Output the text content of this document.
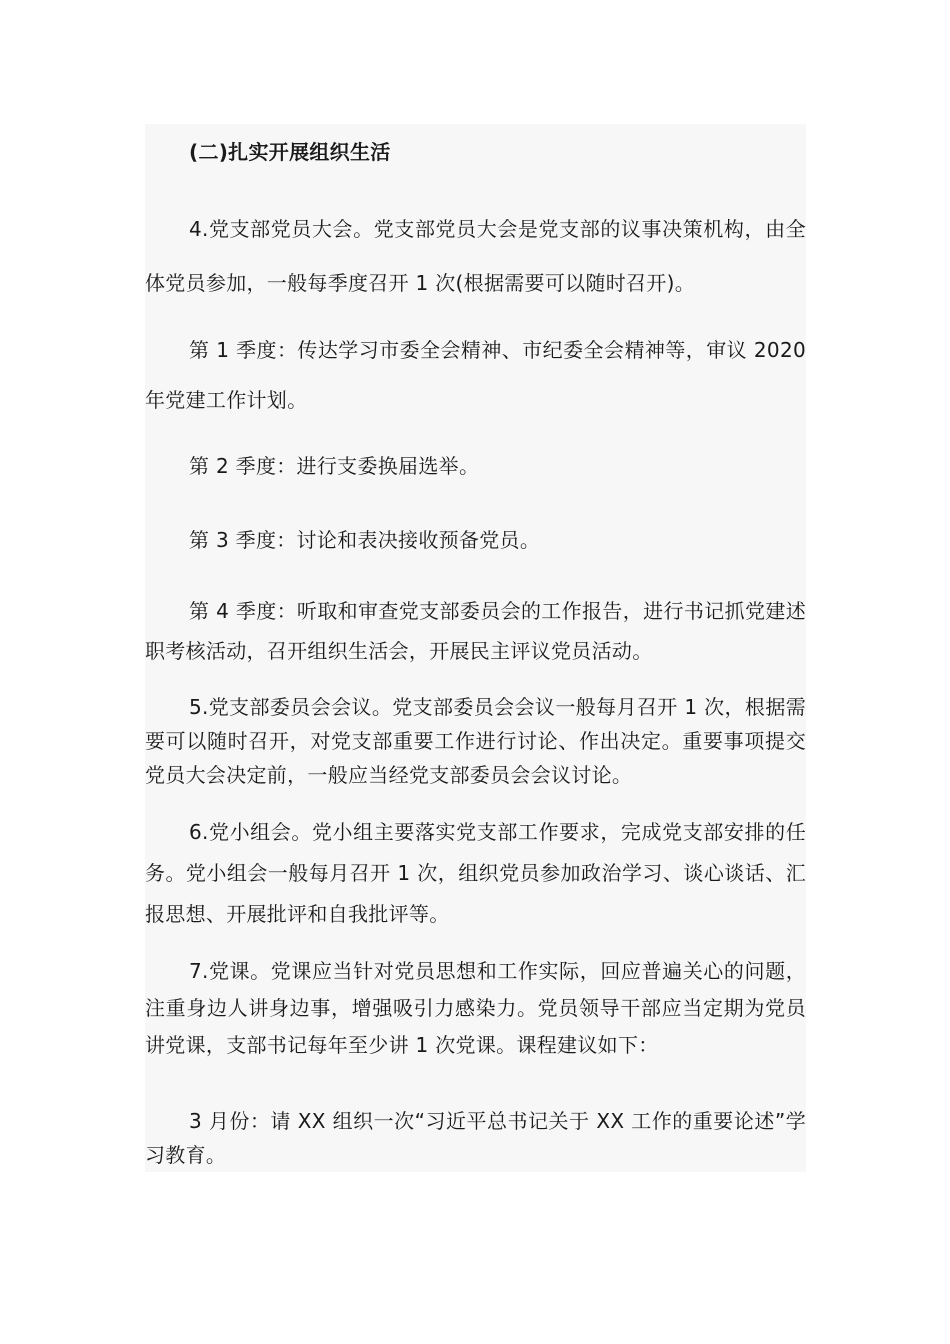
(二)扎实开展组织生活

4.党支部党员大会。党支部党员大会是党支部的议事决策机构，由全体党员参加，一般每季度召开 1 次(根据需要可以随时召开)。

第 1 季度：传达学习市委全会精神、市纪委全会精神等，审议 2020 年党建工作计划。

第 2 季度：进行支委换届选举。

第 3 季度：讨论和表决接收预备党员。

第 4 季度：听取和审查党支部委员会的工作报告，进行书记抓党建述职考核活动，召开组织生活会，开展民主评议党员活动。

5.党支部委员会会议。党支部委员会会议一般每月召开 1 次，根据需要可以随时召开，对党支部重要工作进行讨论、作出决定。重要事项提交党员大会决定前，一般应当经党支部委员会会议讨论。

6.党小组会。党小组主要落实党支部工作要求，完成党支部安排的任务。党小组会一般每月召开 1 次，组织党员参加政治学习、谈心谈话、汇报思想、开展批评和自我批评等。

7.党课。党课应当针对党员思想和工作实际，回应普遍关心的问题，注重身边人讲身边事，增强吸引力感染力。党员领导干部应当定期为党员讲党课，支部书记每年至少讲 1 次党课。课程建议如下：

3 月份：请 XX 组织一次“习近平总书记关于 XX 工作的重要论述”学习教育。
